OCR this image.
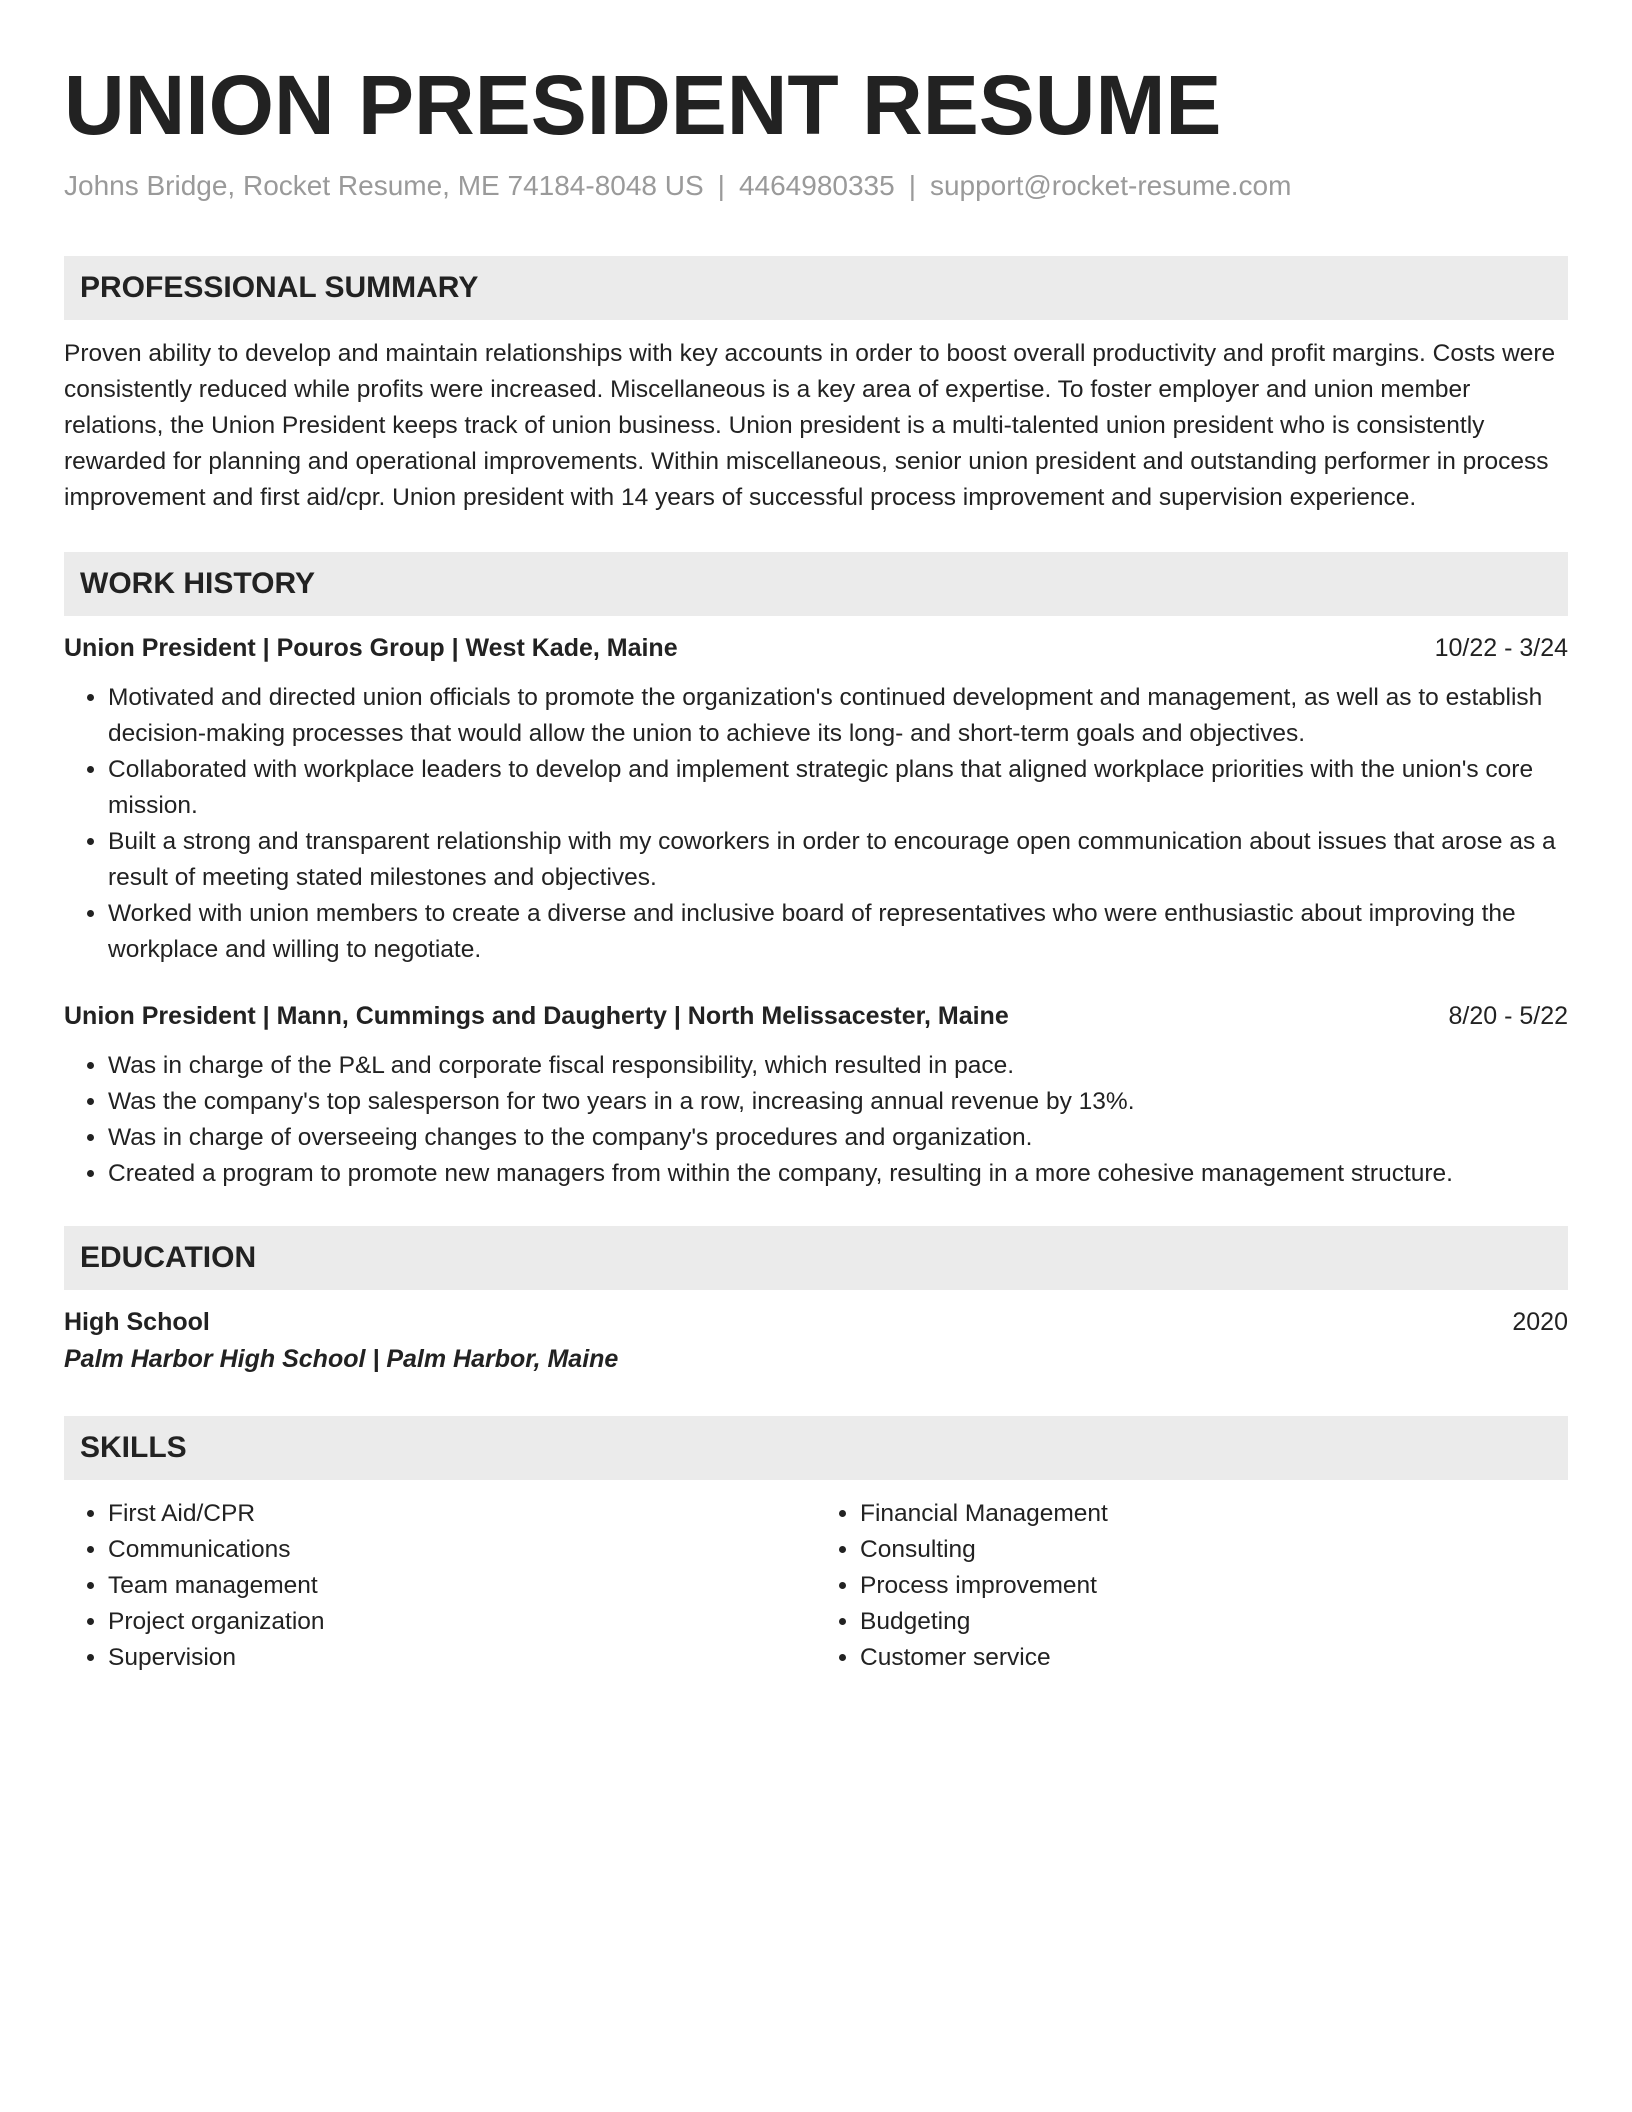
UNION PRESIDENT RESUME
Johns Bridge, Rocket Resume, ME 74184-8048 US | 4464980335 | support@rocket-resume.com
PROFESSIONAL SUMMARY
Proven ability to develop and maintain relationships with key accounts in order to boost overall productivity and profit margins. Costs were consistently reduced while profits were increased. Miscellaneous is a key area of expertise. To foster employer and union member relations, the Union President keeps track of union business. Union president is a multi-talented union president who is consistently rewarded for planning and operational improvements. Within miscellaneous, senior union president and outstanding performer in process improvement and first aid/cpr. Union president with 14 years of successful process improvement and supervision experience.
WORK HISTORY
Union President | Pouros Group | West Kade, Maine	10/22 - 3/24
• Motivated and directed union officials to promote the organization's continued development and management, as well as to establish decision-making processes that would allow the union to achieve its long- and short-term goals and objectives.
• Collaborated with workplace leaders to develop and implement strategic plans that aligned workplace priorities with the union's core mission.
• Built a strong and transparent relationship with my coworkers in order to encourage open communication about issues that arose as a result of meeting stated milestones and objectives.
• Worked with union members to create a diverse and inclusive board of representatives who were enthusiastic about improving the workplace and willing to negotiate.
Union President | Mann, Cummings and Daugherty | North Melissacester, Maine	8/20 - 5/22
• Was in charge of the P&L and corporate fiscal responsibility, which resulted in pace.
• Was the company's top salesperson for two years in a row, increasing annual revenue by 13%.
• Was in charge of overseeing changes to the company's procedures and organization.
• Created a program to promote new managers from within the company, resulting in a more cohesive management structure.
EDUCATION
High School	2020
Palm Harbor High School | Palm Harbor, Maine
SKILLS
• First Aid/CPR
• Communications
• Team management
• Project organization
• Supervision
• Financial Management
• Consulting
• Process improvement
• Budgeting
• Customer service
